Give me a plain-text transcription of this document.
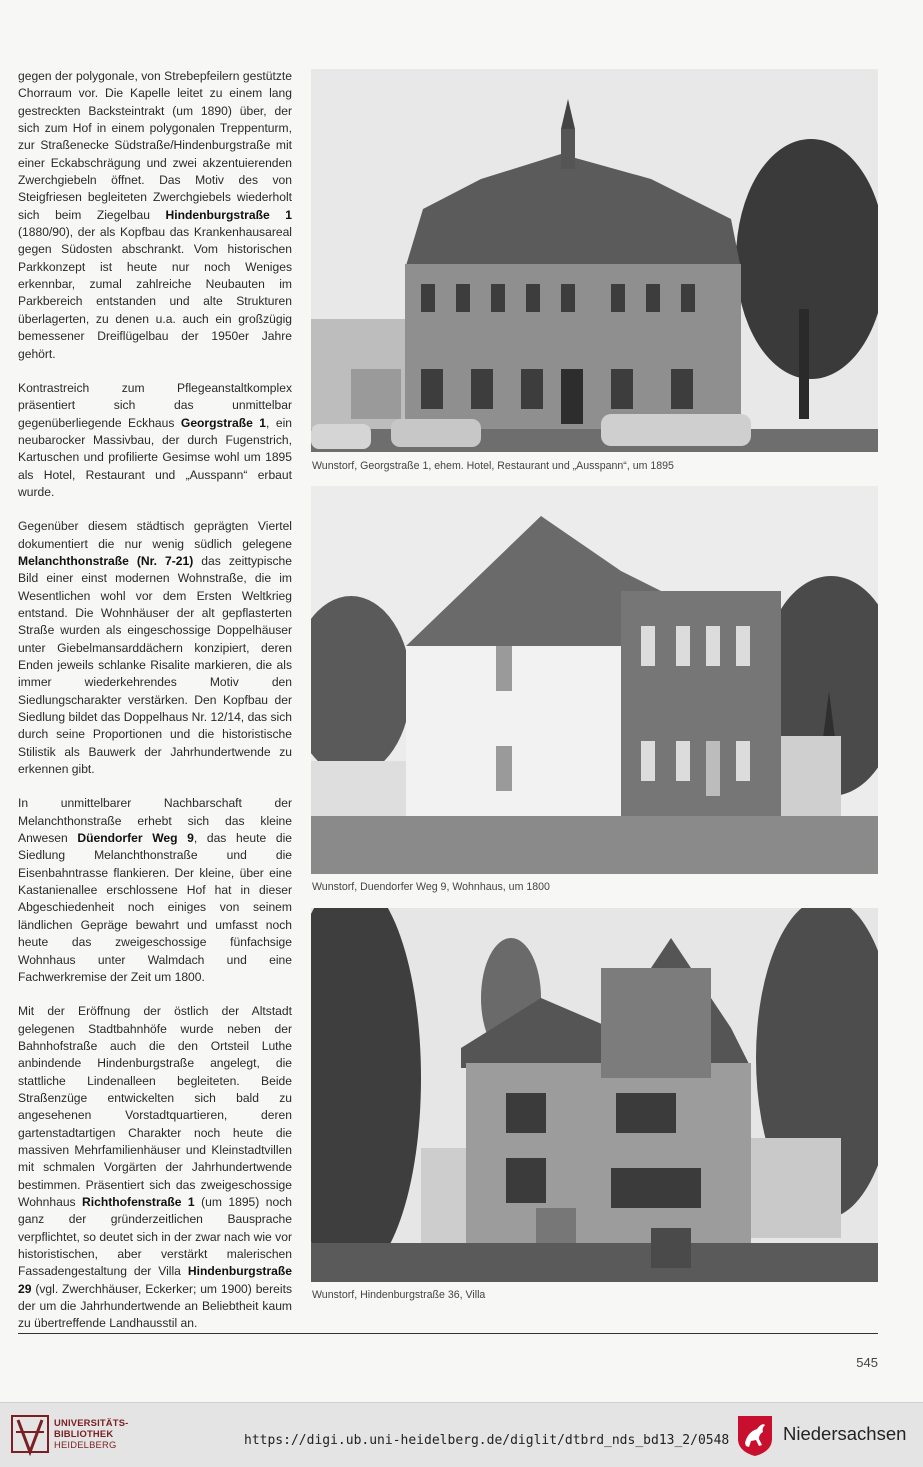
gegen der polygonale, von Strebepfeilern gestützte Chorraum vor. Die Kapelle leitet zu einem lang gestreckten Backsteintrakt (um 1890) über, der sich zum Hof in einem polygonalen Treppenturm, zur Straßenecke Südstraße/Hindenburgstraße mit einer Eckabschrägung und zwei akzentuierenden Zwerchgiebeln öffnet. Das Motiv des von Steigfriesen begleiteten Zwerchgiebels wiederholt sich beim Ziegelbau Hindenburgstraße 1 (1880/90), der als Kopfbau das Krankenhausareal gegen Südosten abschrankt. Vom historischen Parkkonzept ist heute nur noch Weniges erkennbar, zumal zahlreiche Neubauten im Parkbereich entstanden und alte Strukturen überlagerten, zu denen u.a. auch ein großzügig bemessener Dreiflügelbau der 1950er Jahre gehört.

Kontrastreich zum Pflegeanstaltkomplex präsentiert sich das unmittelbar gegenüberliegende Eckhaus Georgstraße 1, ein neubarocker Massivbau, der durch Fugenstrich, Kartuschen und profilierte Gesimse wohl um 1895 als Hotel, Restaurant und „Ausspann“ erbaut wurde.

Gegenüber diesem städtisch geprägten Viertel dokumentiert die nur wenig südlich gelegene Melanchthonstraße (Nr. 7-21) das zeittypische Bild einer einst modernen Wohnstraße, die im Wesentlichen wohl vor dem Ersten Weltkrieg entstand. Die Wohnhäuser der alt gepflasterten Straße wurden als eingeschossige Doppelhäuser unter Giebelmansarddächern konzipiert, deren Enden jeweils schlanke Risalite markieren, die als immer wiederkehrendes Motiv den Siedlungscharakter verstärken. Den Kopfbau der Siedlung bildet das Doppelhaus Nr. 12/14, das sich durch seine Proportionen und die historistische Stilistik als Bauwerk der Jahrhundertwende zu erkennen gibt.

In unmittelbarer Nachbarschaft der Melanchthonstraße erhebt sich das kleine Anwesen Düendorfer Weg 9, das heute die Siedlung Melanchthonstraße und die Eisenbahntrasse flankieren. Der kleine, über eine Kastanienallee erschlossene Hof hat in dieser Abgeschiedenheit noch einiges von seinem ländlichen Gepräge bewahrt und umfasst noch heute das zweigeschossige fünfachsige Wohnhaus unter Walmdach und eine Fachwerkremise der Zeit um 1800.

Mit der Eröffnung der östlich der Altstadt gelegenen Stadtbahnhöfe wurde neben der Bahnhofstraße auch die den Ortsteil Luthe anbindende Hindenburgstraße angelegt, die stattliche Lindenalleen begleiteten. Beide Straßenzüge entwickelten sich bald zu angesehenen Vorstadtquartieren, deren gartenstadtartigen Charakter noch heute die massiven Mehrfamilienhäuser und Kleinstadtvillen mit schmalen Vorgärten der Jahrhundertwende bestimmen. Präsentiert sich das zweigeschossige Wohnhaus Richthofenstraße 1 (um 1895) noch ganz der gründerzeitlichen Bausprache verpflichtet, so deutet sich in der zwar nach wie vor historistischen, aber verstärkt malerischen Fassadengestaltung der Villa Hindenburgstraße 29 (vgl. Zwerchhäuser, Eckerker; um 1900) bereits der um die Jahrhundertwende an Beliebtheit kaum zu übertreffende Landhausstil an.

Wunstorf, Georgstraße 1, ehem. Hotel, Restaurant und „Ausspann“, um 1895
Wunstorf, Duendorfer Weg 9, Wohnhaus, um 1800
Wunstorf, Hindenburgstraße 36, Villa
545
UNIVERSITÄTS-
BIBLIOTHEK
HEIDELBERG	https://digi.ub.uni-heidelberg.de/diglit/dtbrd_nds_bd13_2/0548	Niedersachsen
